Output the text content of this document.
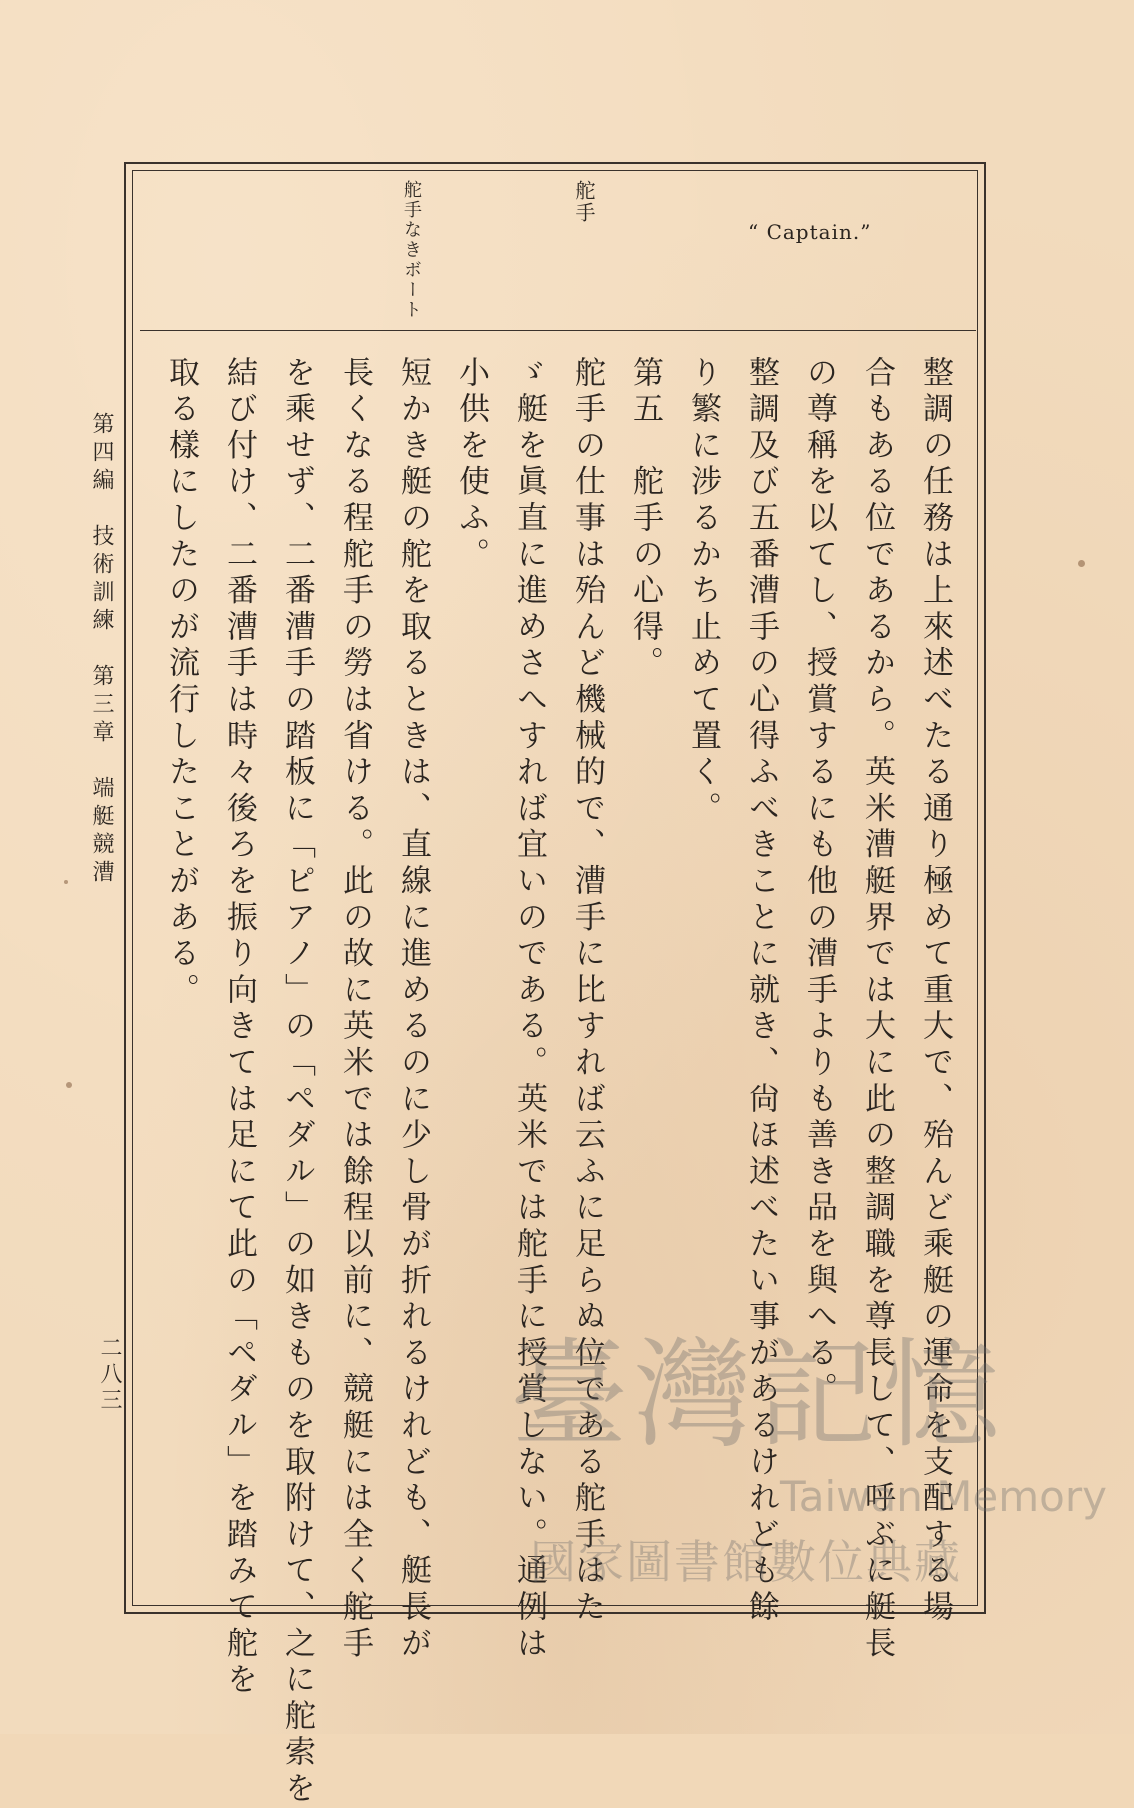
舵手なきボート	舵手
“ Captain.”
整調の任務は上來述べたる通り極めて重大で、殆んど乘艇の運命を支配する場
合もある位であるから。英米漕艇界では大に此の整調職を尊長して、呼ぶに艇長
の尊稱を以てし、授賞するにも他の漕手よりも善き品を與へる。
整調及び五番漕手の心得ふべきことに就き、尙ほ述べたい事があるけれども餘
り繁に涉るかち止めて置く。
第五　舵手の心得。
舵手の仕事は殆んど機械的で、漕手に比すれば云ふに足らぬ位である舵手はた
ゞ艇を眞直に進めさへすれば宜いのである。英米では舵手に授賞しない。通例は
小供を使ふ。
短かき艇の舵を取るときは、直線に進めるのに少し骨が折れるけれども、艇長が
長くなる程舵手の勞は省ける。此の故に英米では餘程以前に、競艇には全く舵手
を乘せず、二番漕手の踏板に「ピアノ」の「ペダル」の如きものを取附けて、之に舵索を
結び付け、二番漕手は時々後ろを振り向きては足にて此の「ペダル」を踏みて舵を
取る樣にしたのが流行したことがある。
第四編　技術訓練　第三章　端艇競漕
二八三	臺灣記憶
Taiwan Memory
國家圖書館數位典藏
